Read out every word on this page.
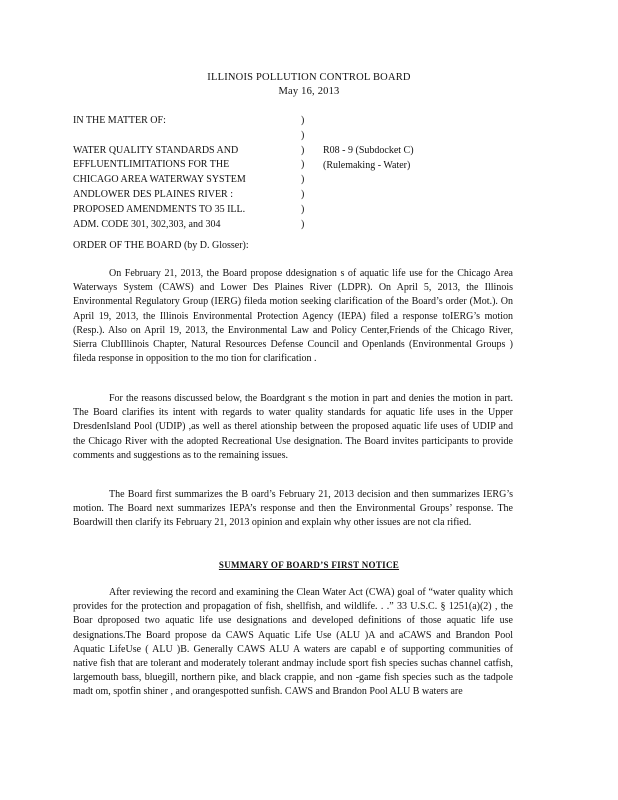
ILLINOIS POLLUTION CONTROL BOARD
May 16, 2013
IN THE MATTER OF:
WATER QUALITY STANDARDS AND
EFFLUENTLIMITATIONS FOR THE
CHICAGO AREA WATERWAY SYSTEM
ANDLOWER DES PLAINES RIVER :
PROPOSED AMENDMENTS TO 35 ILL.
ADM. CODE 301, 302,303, and 304
)
)
)
)
)
)
)
)
R08 - 9 (Subdocket C)
(Rulemaking - Water)
ORDER OF THE BOARD (by D. Glosser):
On February 21, 2013, the Board propose ddesignation s of aquatic life use for the Chicago Area Waterways System (CAWS) and Lower Des Plaines River (LDPR). On April 5, 2013, the Illinois Environmental Regulatory Group (IERG) fileda motion seeking clarification of the Board’s order (Mot.). On April 19, 2013, the Illinois Environmental Protection Agency (IEPA) filed a response toIERG’s motion (Resp.). Also on April 19, 2013, the Environmental Law and Policy Center,Friends of the Chicago River, Sierra ClubIllinois Chapter, Natural Resources Defense Council and Openlands (Environmental Groups ) fileda response in opposition to the mo tion for clarification .
For the reasons discussed below, the Boardgrant s the motion in part and denies the motion in part. The Board clarifies its intent with regards to water quality standards for aquatic life uses in the Upper DresdenIsland Pool (UDIP) ,as well as therel ationship between the proposed aquatic life uses of UDIP and the Chicago River with the adopted Recreational Use designation. The Board invites participants to provide comments and suggestions as to the remaining issues.
The Board first summarizes the B oard’s February 21, 2013 decision and then summarizes IERG’s motion. The Board next summarizes IEPA’s response and then the Environmental Groups’ response. The Boardwill then clarify its February 21, 2013 opinion and explain why other issues are not cla rified.
SUMMARY OF BOARD’S FIRST NOTICE
After reviewing the record and examining the Clean Water Act (CWA) goal of “water quality which provides for the protection and propagation of fish, shellfish, and wildlife. . .” 33 U.S.C. § 1251(a)(2) , the Boar dproposed two aquatic life use designations and developed definitions of those aquatic life use designations.The Board propose da CAWS Aquatic Life Use (ALU )A and aCAWS and Brandon Pool Aquatic LifeUse ( ALU )B. Generally CAWS ALU A waters are capabl e of supporting communities of native fish that are tolerant and moderately tolerant andmay include sport fish species suchas channel catfish, largemouth bass, bluegill, northern pike, and black crappie, and non -game fish species such as the tadpole madt om, spotfin shiner , and orangespotted sunfish. CAWS and Brandon Pool ALU B waters are
